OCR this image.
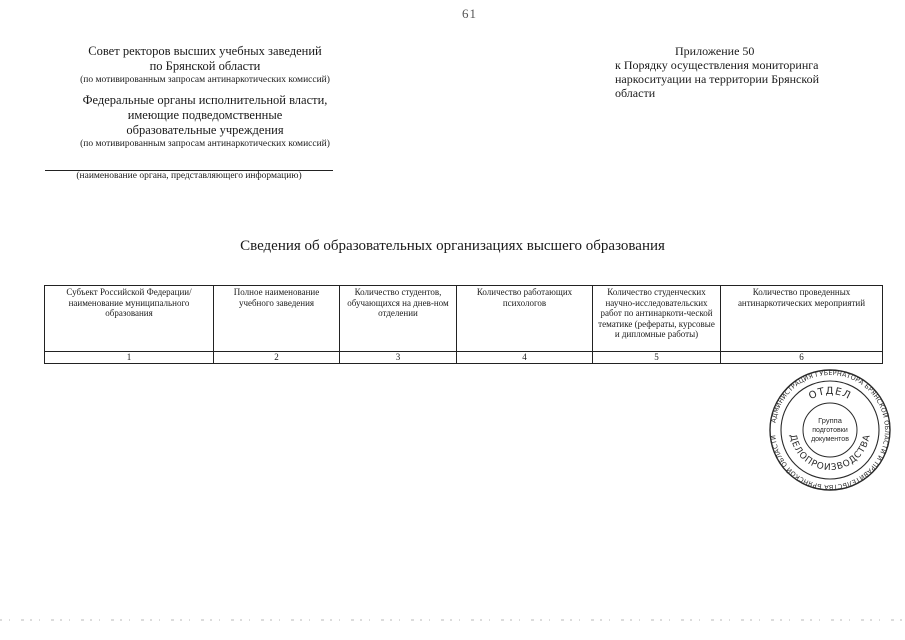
61
Совет ректоров высших учебных заведений
по Брянской области
(по мотивированным запросам антинаркотических комиссий)
Федеральные органы исполнительной власти,
имеющие подведомственные
образовательные учреждения
(по мотивированным запросам антинаркотических комиссий)
(наименование органа, представляющего информацию)
Приложение 50
к Порядку осуществления мониторинга
наркоситуации на территории Брянской
области
Сведения об образовательных организациях высшего образования
Субъект Российской Федерации/ наименование муниципального образования	Полное наименование учебного заведения	Количество студентов, обучающихся на днев-ном отделении	Количество работающих психологов	Количество студенческих научно-исследовательских работ по антинаркоти-ческой тематике (рефераты, курсовые и дипломные работы)	Количество проведенных антинаркотических мероприятий
1	2	3	4	5	6
АДМИНИСТРАЦИЯ ГУБЕРНАТОРА БРЯНСКОЙ ОБЛАСТИ И ПРАВИТЕЛЬСТВА БРЯНСКОЙ ОБЛАСТИ
ОТДЕЛ
ДЕЛОПРОИЗВОДСТВА
Группа
подготовки
документов
